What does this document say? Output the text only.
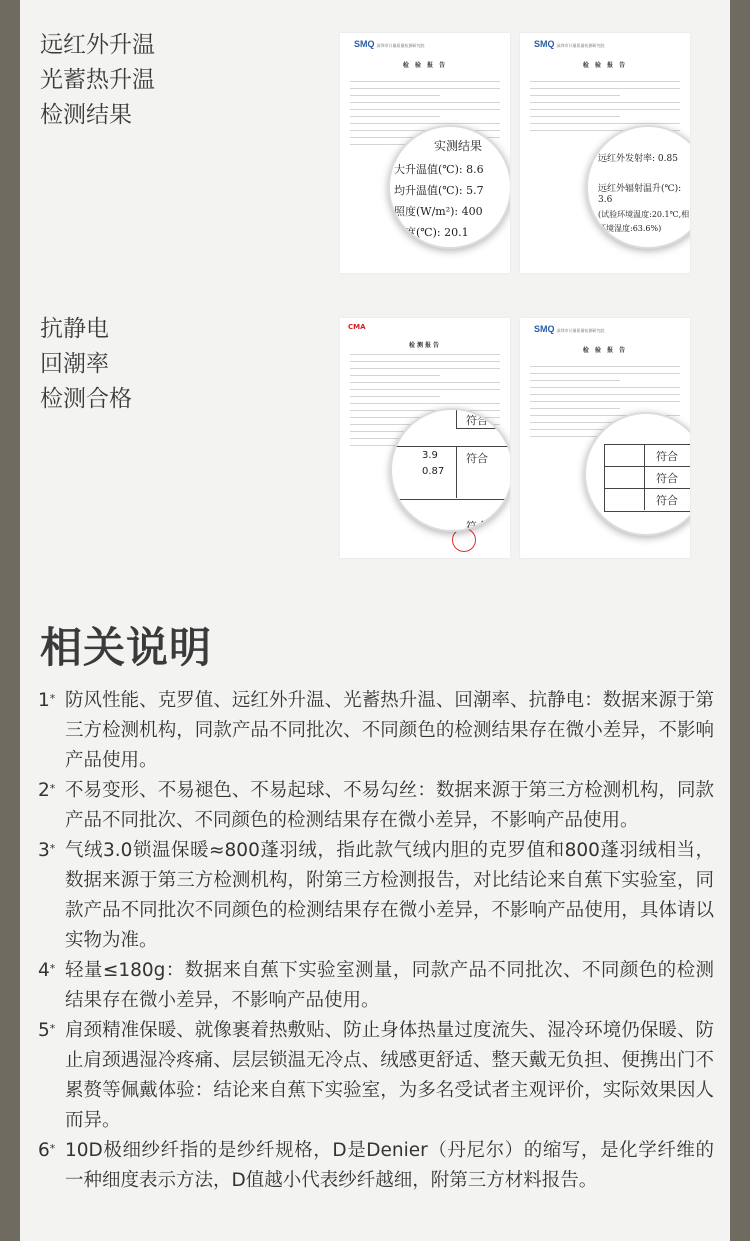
远红外升温
光蓄热升温
检测结果
SMQ 深圳市计量质量检测研究院
检 验 报 告
实测结果
大升温值(℃): 8.6
均升温值(℃): 5.7
照度(W/m²): 400
温度(℃): 20.1
SMQ 深圳市计量质量检测研究院
检 验 报 告
远红外发射率: 0.85
远红外辐射温升(℃):
3.6
(试验环境温度:20.1℃,相
环境湿度:63.6%)
抗静电
回潮率
检测合格
CMA
检测报告
符合
3.9	符合
0.87
符合
SMQ 深圳市计量质量检测研究院
检 验 报 告
符合
符合
符合
相关说明
1* 防风性能、克罗值、远红外升温、光蓄热升温、回潮率、抗静电：数据来源于第三方检测机构，同款产品不同批次、不同颜色的检测结果存在微小差异，不影响产品使用。
2* 不易变形、不易褪色、不易起球、不易勾丝：数据来源于第三方检测机构，同款产品不同批次、不同颜色的检测结果存在微小差异，不影响产品使用。
3* 气绒3.0锁温保暖≈800蓬羽绒，指此款气绒内胆的克罗值和800蓬羽绒相当，数据来源于第三方检测机构，附第三方检测报告，对比结论来自蕉下实验室，同款产品不同批次不同颜色的检测结果存在微小差异，不影响产品使用，具体请以实物为准。
4* 轻量≤180g：数据来自蕉下实验室测量，同款产品不同批次、不同颜色的检测结果存在微小差异，不影响产品使用。
5* 肩颈精准保暖、就像裹着热敷贴、防止身体热量过度流失、湿冷环境仍保暖、防止肩颈遇湿冷疼痛、层层锁温无冷点、绒感更舒适、整天戴无负担、便携出门不累赘等佩戴体验：结论来自蕉下实验室，为多名受试者主观评价，实际效果因人而异。
6* 10D极细纱纤指的是纱纤规格，D是Denier（丹尼尔）的缩写，是化学纤维的一种细度表示方法，D值越小代表纱纤越细，附第三方材料报告。
